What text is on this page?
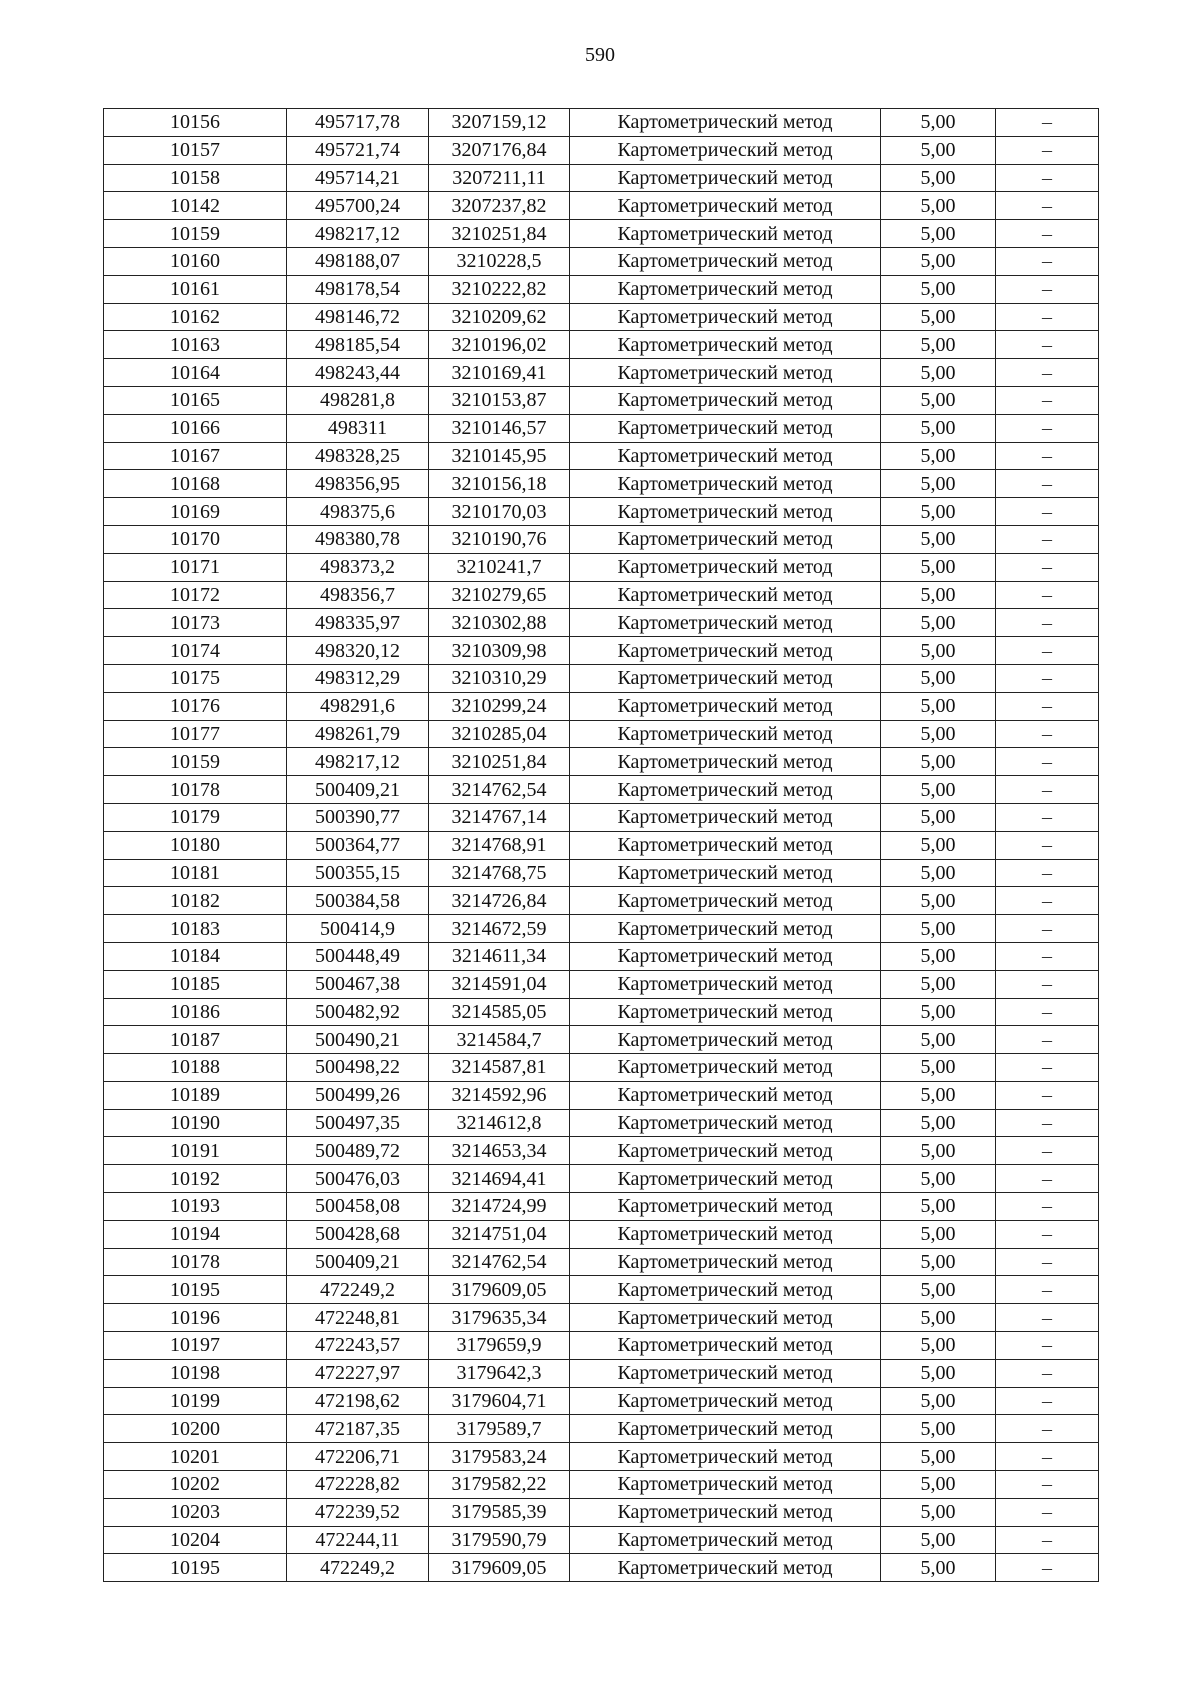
590
10156	495717,78	3207159,12	Картометрический метод	5,00	–
10157	495721,74	3207176,84	Картометрический метод	5,00	–
10158	495714,21	3207211,11	Картометрический метод	5,00	–
10142	495700,24	3207237,82	Картометрический метод	5,00	–
10159	498217,12	3210251,84	Картометрический метод	5,00	–
10160	498188,07	3210228,5	Картометрический метод	5,00	–
10161	498178,54	3210222,82	Картометрический метод	5,00	–
10162	498146,72	3210209,62	Картометрический метод	5,00	–
10163	498185,54	3210196,02	Картометрический метод	5,00	–
10164	498243,44	3210169,41	Картометрический метод	5,00	–
10165	498281,8	3210153,87	Картометрический метод	5,00	–
10166	498311	3210146,57	Картометрический метод	5,00	–
10167	498328,25	3210145,95	Картометрический метод	5,00	–
10168	498356,95	3210156,18	Картометрический метод	5,00	–
10169	498375,6	3210170,03	Картометрический метод	5,00	–
10170	498380,78	3210190,76	Картометрический метод	5,00	–
10171	498373,2	3210241,7	Картометрический метод	5,00	–
10172	498356,7	3210279,65	Картометрический метод	5,00	–
10173	498335,97	3210302,88	Картометрический метод	5,00	–
10174	498320,12	3210309,98	Картометрический метод	5,00	–
10175	498312,29	3210310,29	Картометрический метод	5,00	–
10176	498291,6	3210299,24	Картометрический метод	5,00	–
10177	498261,79	3210285,04	Картометрический метод	5,00	–
10159	498217,12	3210251,84	Картометрический метод	5,00	–
10178	500409,21	3214762,54	Картометрический метод	5,00	–
10179	500390,77	3214767,14	Картометрический метод	5,00	–
10180	500364,77	3214768,91	Картометрический метод	5,00	–
10181	500355,15	3214768,75	Картометрический метод	5,00	–
10182	500384,58	3214726,84	Картометрический метод	5,00	–
10183	500414,9	3214672,59	Картометрический метод	5,00	–
10184	500448,49	3214611,34	Картометрический метод	5,00	–
10185	500467,38	3214591,04	Картометрический метод	5,00	–
10186	500482,92	3214585,05	Картометрический метод	5,00	–
10187	500490,21	3214584,7	Картометрический метод	5,00	–
10188	500498,22	3214587,81	Картометрический метод	5,00	–
10189	500499,26	3214592,96	Картометрический метод	5,00	–
10190	500497,35	3214612,8	Картометрический метод	5,00	–
10191	500489,72	3214653,34	Картометрический метод	5,00	–
10192	500476,03	3214694,41	Картометрический метод	5,00	–
10193	500458,08	3214724,99	Картометрический метод	5,00	–
10194	500428,68	3214751,04	Картометрический метод	5,00	–
10178	500409,21	3214762,54	Картометрический метод	5,00	–
10195	472249,2	3179609,05	Картометрический метод	5,00	–
10196	472248,81	3179635,34	Картометрический метод	5,00	–
10197	472243,57	3179659,9	Картометрический метод	5,00	–
10198	472227,97	3179642,3	Картометрический метод	5,00	–
10199	472198,62	3179604,71	Картометрический метод	5,00	–
10200	472187,35	3179589,7	Картометрический метод	5,00	–
10201	472206,71	3179583,24	Картометрический метод	5,00	–
10202	472228,82	3179582,22	Картометрический метод	5,00	–
10203	472239,52	3179585,39	Картометрический метод	5,00	–
10204	472244,11	3179590,79	Картометрический метод	5,00	–
10195	472249,2	3179609,05	Картометрический метод	5,00	–
